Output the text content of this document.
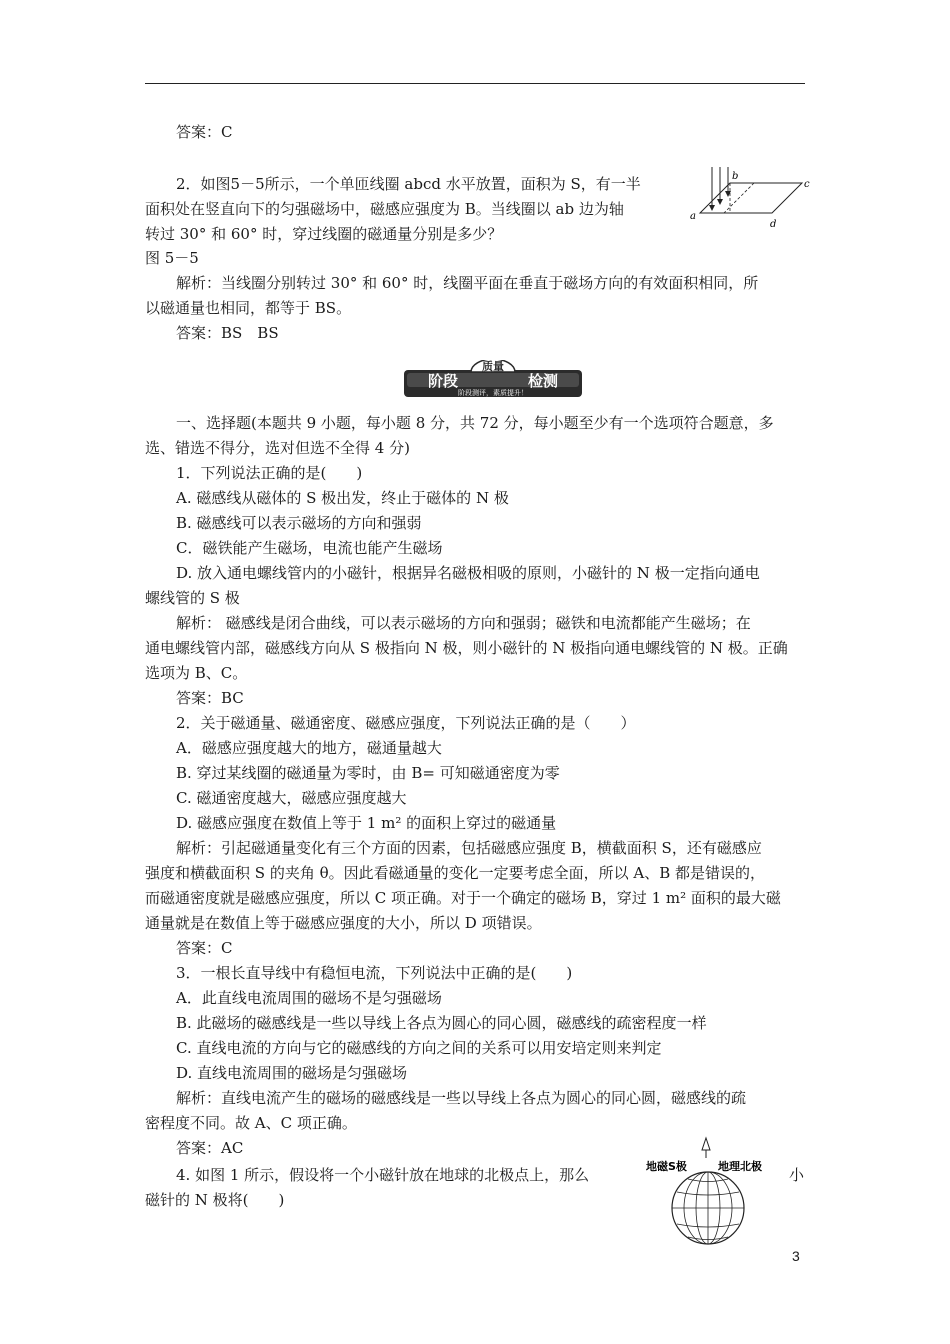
答案：C
2．如图5－5所示，一个单匝线圈 abcd 水平放置，面积为 S，有一半
面积处在竖直向下的匀强磁场中，磁感应强度为 B。当线圈以 ab 边为轴
转过 30° 和 60° 时，穿过线圈的磁通量分别是多少？
图 5－5
解析：当线圈分别转过 30° 和 60° 时，线圈平面在垂直于磁场方向的有效面积相同，所
以磁通量也相同，都等于 BS。
答案：BS　BS
a
b
c
d
质量
阶段	检测
阶段测评，素质提升！
一、选择题(本题共 9 小题，每小题 8 分，共 72 分，每小题至少有一个选项符合题意，多
选、错选不得分，选对但选不全得 4 分)
1．下列说法正确的是(　　)
A. 磁感线从磁体的 S 极出发，终止于磁体的 N 极
B. 磁感线可以表示磁场的方向和强弱
C．磁铁能产生磁场，电流也能产生磁场
D. 放入通电螺线管内的小磁针，根据异名磁极相吸的原则，小磁针的 N 极一定指向通电
螺线管的 S 极
解析： 磁感线是闭合曲线，可以表示磁场的方向和强弱；磁铁和电流都能产生磁场；在
通电螺线管内部，磁感线方向从 S 极指向 N 极，则小磁针的 N 极指向通电螺线管的 N 极。正确
选项为 B、C。
答案：BC
2．关于磁通量、磁通密度、磁感应强度，下列说法正确的是（　　）
A．磁感应强度越大的地方，磁通量越大
B. 穿过某线圈的磁通量为零时，由 B= 可知磁通密度为零
C. 磁通密度越大，磁感应强度越大
D. 磁感应强度在数值上等于 1 m² 的面积上穿过的磁通量
解析：引起磁通量变化有三个方面的因素，包括磁感应强度 B，横截面积 S，还有磁感应
强度和横截面积 S 的夹角 θ。因此看磁通量的变化一定要考虑全面，所以 A、B 都是错误的，
而磁通密度就是磁感应强度，所以 C 项正确。对于一个确定的磁场 B，穿过 1 m² 面积的最大磁
通量就是在数值上等于磁感应强度的大小，所以 D 项错误。
答案：C
3．一根长直导线中有稳恒电流，下列说法中正确的是(　　)
A．此直线电流周围的磁场不是匀强磁场
B. 此磁场的磁感线是一些以导线上各点为圆心的同心圆，磁感线的疏密程度一样
C. 直线电流的方向与它的磁感线的方向之间的关系可以用安培定则来判定
D. 直线电流周围的磁场是匀强磁场
解析：直线电流产生的磁场的磁感线是一些以导线上各点为圆心的同心圆，磁感线的疏
密程度不同。故 A、C 项正确。
答案：AC
4. 如图 1 所示，假设将一个小磁针放在地球的北极点上，那么	小
磁针的 N 极将(　　)
地磁S极	地理北极
3
